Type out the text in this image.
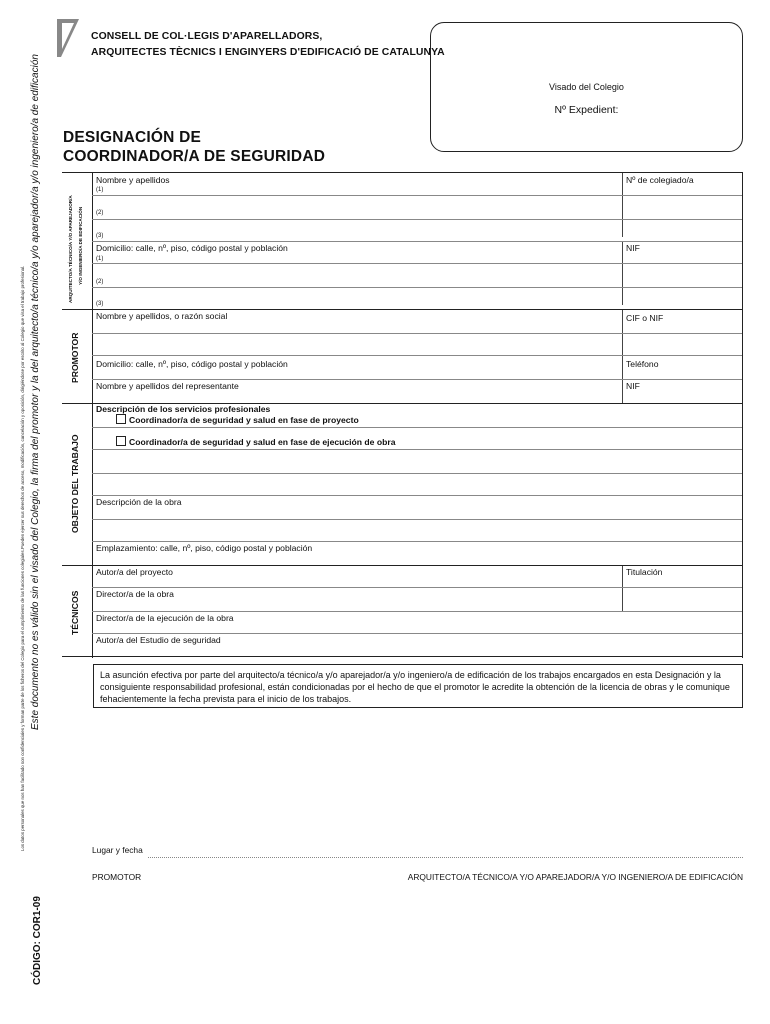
CONSELL DE COL·LEGIS D'APARELLADORS,
ARQUITECTES TÈCNICS I ENGINYERS D'EDIFICACIÓ DE CATALUNYA
Visado del Colegio
Nº Expedient:
DESIGNACIÓN DE
COORDINADOR/A DE SEGURIDAD
Los datos personales que nos han facilitado son confidenciales y forman parte de los ficheros del Colegio para el cumplimiento de las funciones colegiales.Pueden ejercer sus derechos de acceso, modificación, cancelación y oposición, dirigiéndose por escrito al Colegio que visa el trabajo profesional. Este documento no es válido sin el visado del Colegio, la firma del promotor y la del arquitecto/a técnico/a y/o aparejador/a y/o ingeniero/a de edificación
CÓDIGO: COR1-09
ARQUITECTO/A TÉCNICO/A Y/O APAREJADOR/A Y/O INGENIERO/A DE EDIFICACIÓN
Nombre y apellidos
(1)
Nº de colegiado/a
(2)
(3)
Domicilio: calle, nº, piso, código postal y población
(1)
NIF
(2)
(3)
PROMOTOR
Nombre y apellidos, o razón social	CIF o NIF
Domicilio: calle, nº, piso, código postal y población	Teléfono
Nombre y apellidos del representante	NIF
OBJETO DEL TRABAJO
Descripción de los servicios profesionales
Coordinador/a de seguridad y salud en fase de proyecto
Coordinador/a de seguridad y salud en fase de ejecución de obra
Descripción de la obra
Emplazamiento: calle, nº, piso, código postal y población
TÉCNICOS
Autor/a del proyecto	Titulación
Director/a de la obra
Director/a de la ejecución de la obra
Autor/a del Estudio de seguridad
La asunción efectiva por parte del arquitecto/a técnico/a y/o aparejador/a y/o ingeniero/a de edificación de los trabajos encargados en esta Designación y la consiguiente responsabilidad profesional, están condicionadas por el hecho de que el promotor le acredite la obtención de la licencia de obras y le comunique fehacientemente la fecha prevista para el inicio de los trabajos.
Lugar y fecha
PROMOTOR	ARQUITECTO/A TÉCNICO/A Y/O APAREJADOR/A Y/O INGENIERO/A DE EDIFICACIÓN
